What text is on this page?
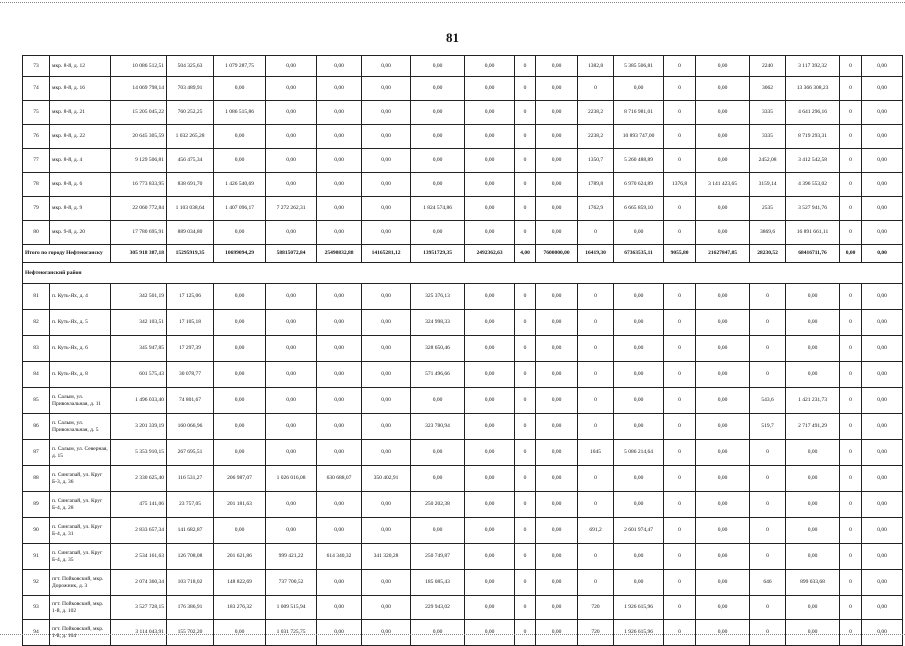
81
73	мкр. 8-й, д. 12	10 086 512,51	504 325,63	1 079 287,75	0,00	0,00	0,00	0,00	0,00	0	0,00	1382,8	5 385 506,81	0	0,00	2240	3 117 392,32	0	0,00
74	мкр. 8-й, д. 16	14 069 798,14	703 489,91	0,00	0,00	0,00	0,00	0,00	0,00	0	0,00	0	0,00	0	0,00	3062	13 366 308,23	0	0,00
75	мкр. 8-й, д. 21	15 205 045,22	760 252,25	1 086 515,86	0,00	0,00	0,00	0,00	0,00	0	0,00	2238,2	8 716 981,01	0	0,00	3335	4 641 296,16	0	0,00
76	мкр. 8-й, д. 22	20 645 305,59	1 032 265,28	0,00	0,00	0,00	0,00	0,00	0,00	0	0,00	2238,2	10 893 747,00	0	0,00	3335	8 719 293,31	0	0,00
77	мкр. 8-й, д. 4	9 129 506,81	456 475,34	0,00	0,00	0,00	0,00	0,00	0,00	0	0,00	1350,7	5 260 488,89	0	0,00	2452,08	3 412 542,58	0	0,00
78	мкр. 8-й, д. 6	16 773 833,95	838 691,70	1 426 540,69	0,00	0,00	0,00	0,00	0,00	0	0,00	1789,8	6 970 624,89	1376,8	3 141 423,65	3159,14	4 396 553,02	0	0,00
79	мкр. 8-й, д. 9	22 060 772,84	1 103 038,64	1 407 096,17	7 272 262,31	0,00	0,00	1 824 574,86	0,00	0	0,00	1762,9	6 665 859,10	0	0,00	2535	3 527 941,76	0	0,00
80	мкр. 9-й, д. 20	17 780 695,91	889 034,80	0,00	0,00	0,00	0,00	0,00	0,00	0	0,00	0	0,00	0	0,00	3869,6	16 891 661,11	0	0,00
Итого по городу Нефтеюганску		305 918 387,18	15295919,35	10699094,29	58815072,84	25490832,88	14165281,12	13951729,35	2492362,63	4,00	7600000,00	16419,30	67363535,11	9055,80	21627847,85	28230,52	68416711,76	0,00	0,00
Нефтеюганский район																			
81	п. Куть-Ях, д. 4	342 501,19	17 125,06	0,00	0,00	0,00	0,00	325 376,13	0,00	0	0,00	0	0,00	0	0,00	0	0,00	0	0,00
82	п. Куть-Ях, д. 5	342 103,51	17 105,18	0,00	0,00	0,00	0,00	324 998,33	0,00	0	0,00	0	0,00	0	0,00	0	0,00	0	0,00
83	п. Куть-Ях, д. 6	345 947,85	17 297,39	0,00	0,00	0,00	0,00	328 650,46	0,00	0	0,00	0	0,00	0	0,00	0	0,00	0	0,00
84	п. Куть-Ях, д. 8	601 575,43	30 078,77	0,00	0,00	0,00	0,00	571 496,66	0,00	0	0,00	0	0,00	0	0,00	0	0,00	0	0,00
85	п. Салым, ул. Привокзальная, д. 11	1 496 033,40	74 801,67	0,00	0,00	0,00	0,00	0,00	0,00	0	0,00	0	0,00	0	0,00	543,6	1 421 231,73	0	0,00
86	п. Салым, ул. Привокзальная, д. 5	3 201 339,19	160 066,96	0,00	0,00	0,00	0,00	323 780,94	0,00	0	0,00	0	0,00	0	0,00	519,7	2 717 491,29	0	0,00
87	п. Салым, ул. Северная, д. 15	5 353 910,15	267 695,51	0,00	0,00	0,00	0,00	0,00	0,00	0	0,00	1045	5 086 214,64	0	0,00	0	0,00	0	0,00
88	п. Сингапай, ул. Круг Б-3, д. 36	2 330 625,40	116 531,27	206 987,07	1 026 016,08	630 688,07	350 402,91	0,00	0,00	0	0,00	0	0,00	0	0,00	0	0,00	0	0,00
89	п. Сингапай, ул. Круг Б-4, д. 28	475 141,06	23 757,05	201 181,63	0,00	0,00	0,00	250 202,38	0,00	0	0,00	0	0,00	0	0,00	0	0,00	0	0,00
90	п. Сингапай, ул. Круг Б-4, д. 31	2 833 657,34	141 682,87	0,00	0,00	0,00	0,00	0,00	0,00	0	0,00	691,2	2 601 974,47	0	0,00	0	0,00	0	0,00
91	п. Сингапай, ул. Круг Б-4, д. 35	2 534 161,63	126 708,08	201 621,86	999 421,22	614 340,32	341 320,28	250 749,87	0,00	0	0,00	0	0,00	0	0,00	0	0,00	0	0,00
92	пгт. Пойковский, мкр. Дорожник, д. 3	2 074 360,34	103 718,02	148 822,69	737 700,52	0,00	0,00	185 085,43	0,00	0	0,00	0	0,00	0	0,00	646	899 033,68	0	0,00
93	пгт. Пойковский, мкр. 1-й, д. 102	3 527 728,15	176 386,91	183 276,32	1 009 515,94	0,00	0,00	229 943,02	0,00	0	0,00	720	1 926 615,96	0	0,00	0	0,00	0	0,00
94	пгт. Пойковский, мкр. 1-й, д. 104	3 114 043,91	155 702,20	0,00	1 031 725,75	0,00	0,00	0,00	0,00	0	0,00	720	1 926 615,96	0	0,00	0	0,00	0	0,00
